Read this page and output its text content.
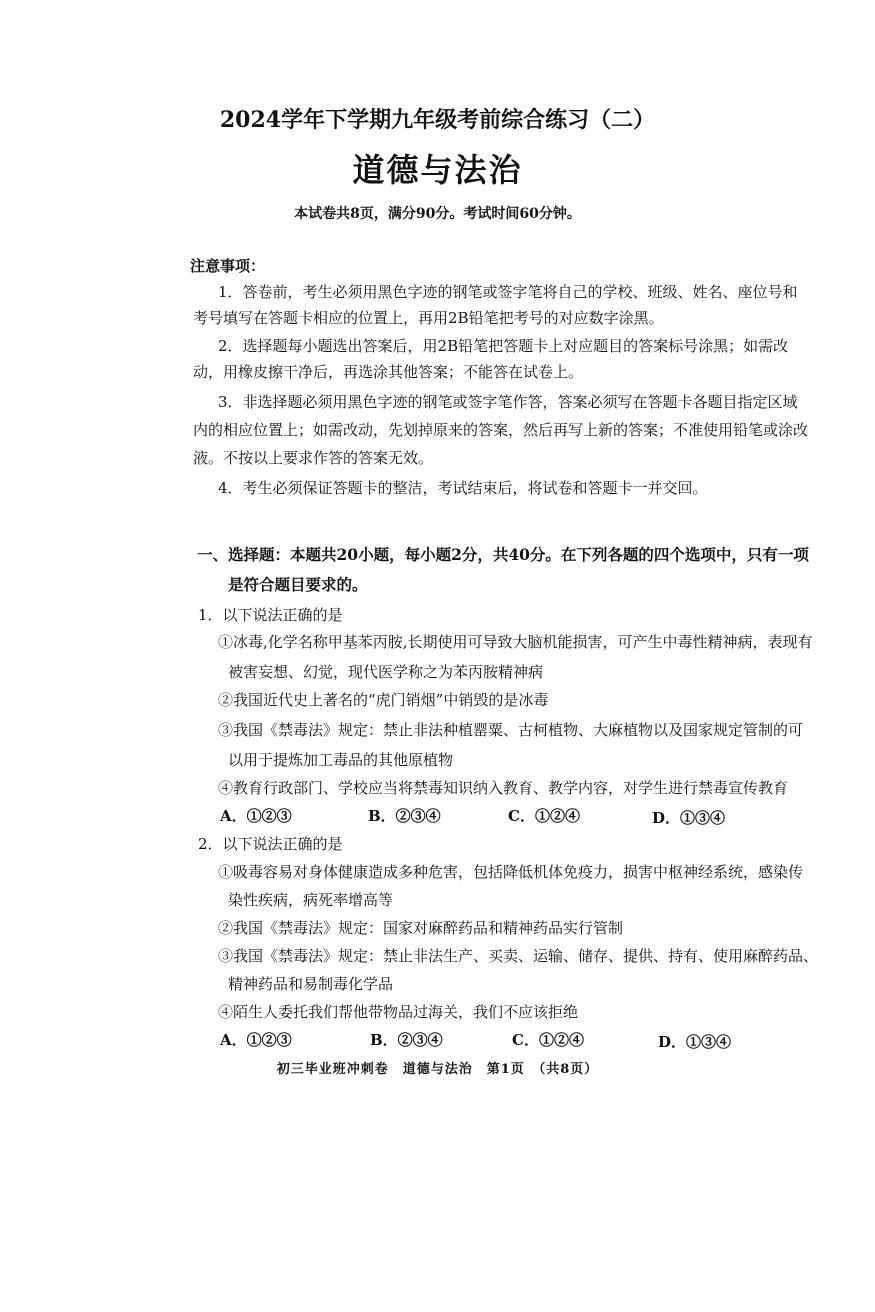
2024学年下学期九年级考前综合练习（二）
道德与法治
本试卷共8页，满分90分。考试时间60分钟。
注意事项：
1．答卷前，考生必须用黑色字迹的钢笔或签字笔将自己的学校、班级、姓名、座位号和
考号填写在答题卡相应的位置上，再用2B铅笔把考号的对应数字涂黑。
2．选择题每小题选出答案后，用2B铅笔把答题卡上对应题目的答案标号涂黑；如需改
动，用橡皮擦干净后，再选涂其他答案；不能答在试卷上。
3．非选择题必须用黑色字迹的钢笔或签字笔作答，答案必须写在答题卡各题目指定区域
内的相应位置上；如需改动，先划掉原来的答案，然后再写上新的答案；不准使用铅笔或涂改
液。不按以上要求作答的答案无效。
4．考生必须保证答题卡的整洁，考试结束后，将试卷和答题卡一并交回。
一、选择题：本题共20小题，每小题2分，共40分。在下列各题的四个选项中，只有一项
是符合题目要求的。
1．以下说法正确的是
①冰毒,化学名称甲基苯丙胺,长期使用可导致大脑机能损害，可产生中毒性精神病，表现有
被害妄想、幻觉，现代医学称之为苯丙胺精神病
②我国近代史上著名的“虎门销烟”中销毁的是冰毒
③我国《禁毒法》规定：禁止非法种植罂粟、古柯植物、大麻植物以及国家规定管制的可
以用于提炼加工毒品的其他原植物
④教育行政部门、学校应当将禁毒知识纳入教育、教学内容，对学生进行禁毒宣传教育
A．①②③	B．②③④	C．①②④	D．①③④
2．以下说法正确的是
①吸毒容易对身体健康造成多种危害，包括降低机体免疫力，损害中枢神经系统，感染传
染性疾病，病死率增高等
②我国《禁毒法》规定：国家对麻醉药品和精神药品实行管制
③我国《禁毒法》规定：禁止非法生产、买卖、运输、储存、提供、持有、使用麻醉药品、
精神药品和易制毒化学品
④陌生人委托我们帮他带物品过海关，我们不应该拒绝
A．①②③	B．②③④	C．①②④	D．①③④
初三毕业班冲刺卷　道德与法治　第1页　（共8页）
